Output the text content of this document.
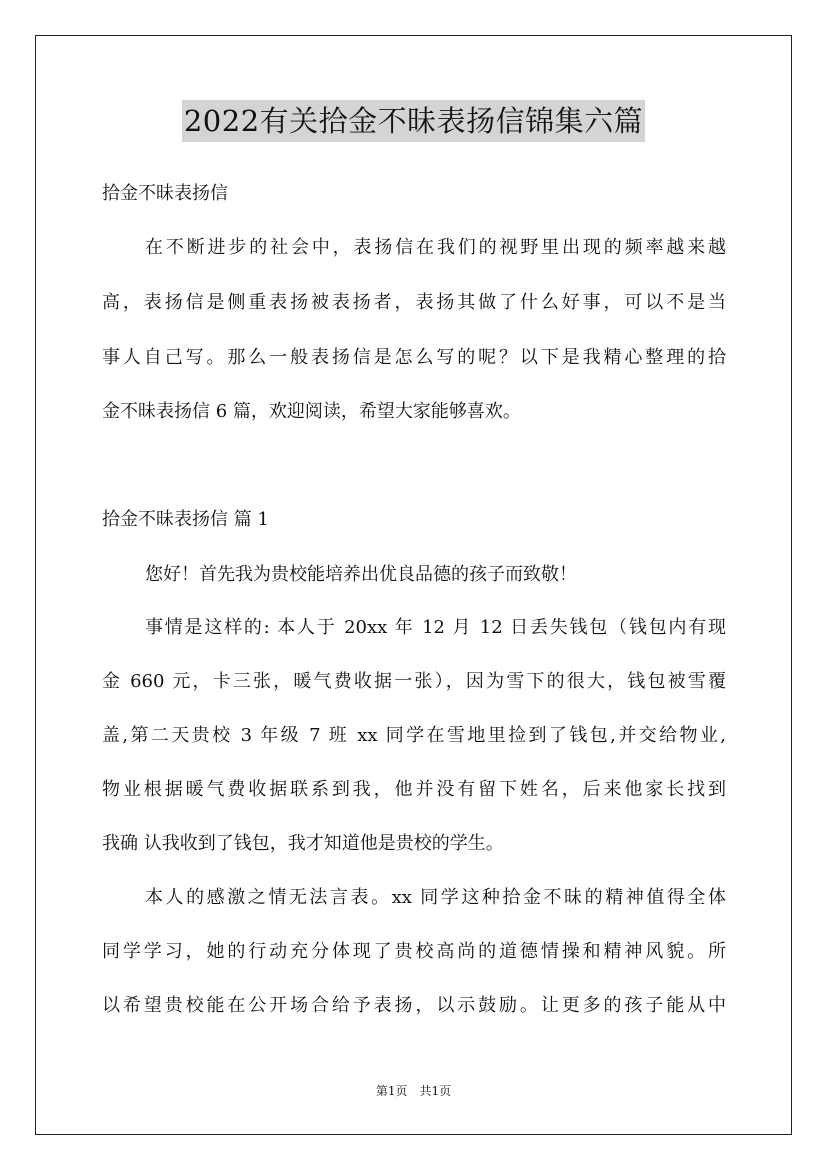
2022有关拾金不昧表扬信锦集六篇

拾金不昧表扬信

在不断进步的社会中，表扬信在我们的视野里出现的频率越来越

高，表扬信是侧重表扬被表扬者，表扬其做了什么好事，可以不是当

事人自己写。那么一般表扬信是怎么写的呢？以下是我精心整理的拾

金不昧表扬信 6 篇，欢迎阅读，希望大家能够喜欢。

拾金不昧表扬信 篇 1

您好！首先我为贵校能培养出优良品德的孩子而致敬！

事情是这样的: 本人于 20xx 年 12 月 12 日丢失钱包（钱包内有现

金 660 元，卡三张，暖气费收据一张），因为雪下的很大，钱包被雪覆

盖,第二天贵校 3 年级 7 班 xx 同学在雪地里捡到了钱包,并交给物业,

物业根据暖气费收据联系到我，他并没有留下姓名，后来他家长找到

我确 认我收到了钱包，我才知道他是贵校的学生。

本人的感激之情无法言表。xx 同学这种拾金不昧的精神值得全体

同学学习，她的行动充分体现了贵校高尚的道德情操和精神风貌。所

以希望贵校能在公开场合给予表扬，以示鼓励。让更多的孩子能从中

第1页　共1页
